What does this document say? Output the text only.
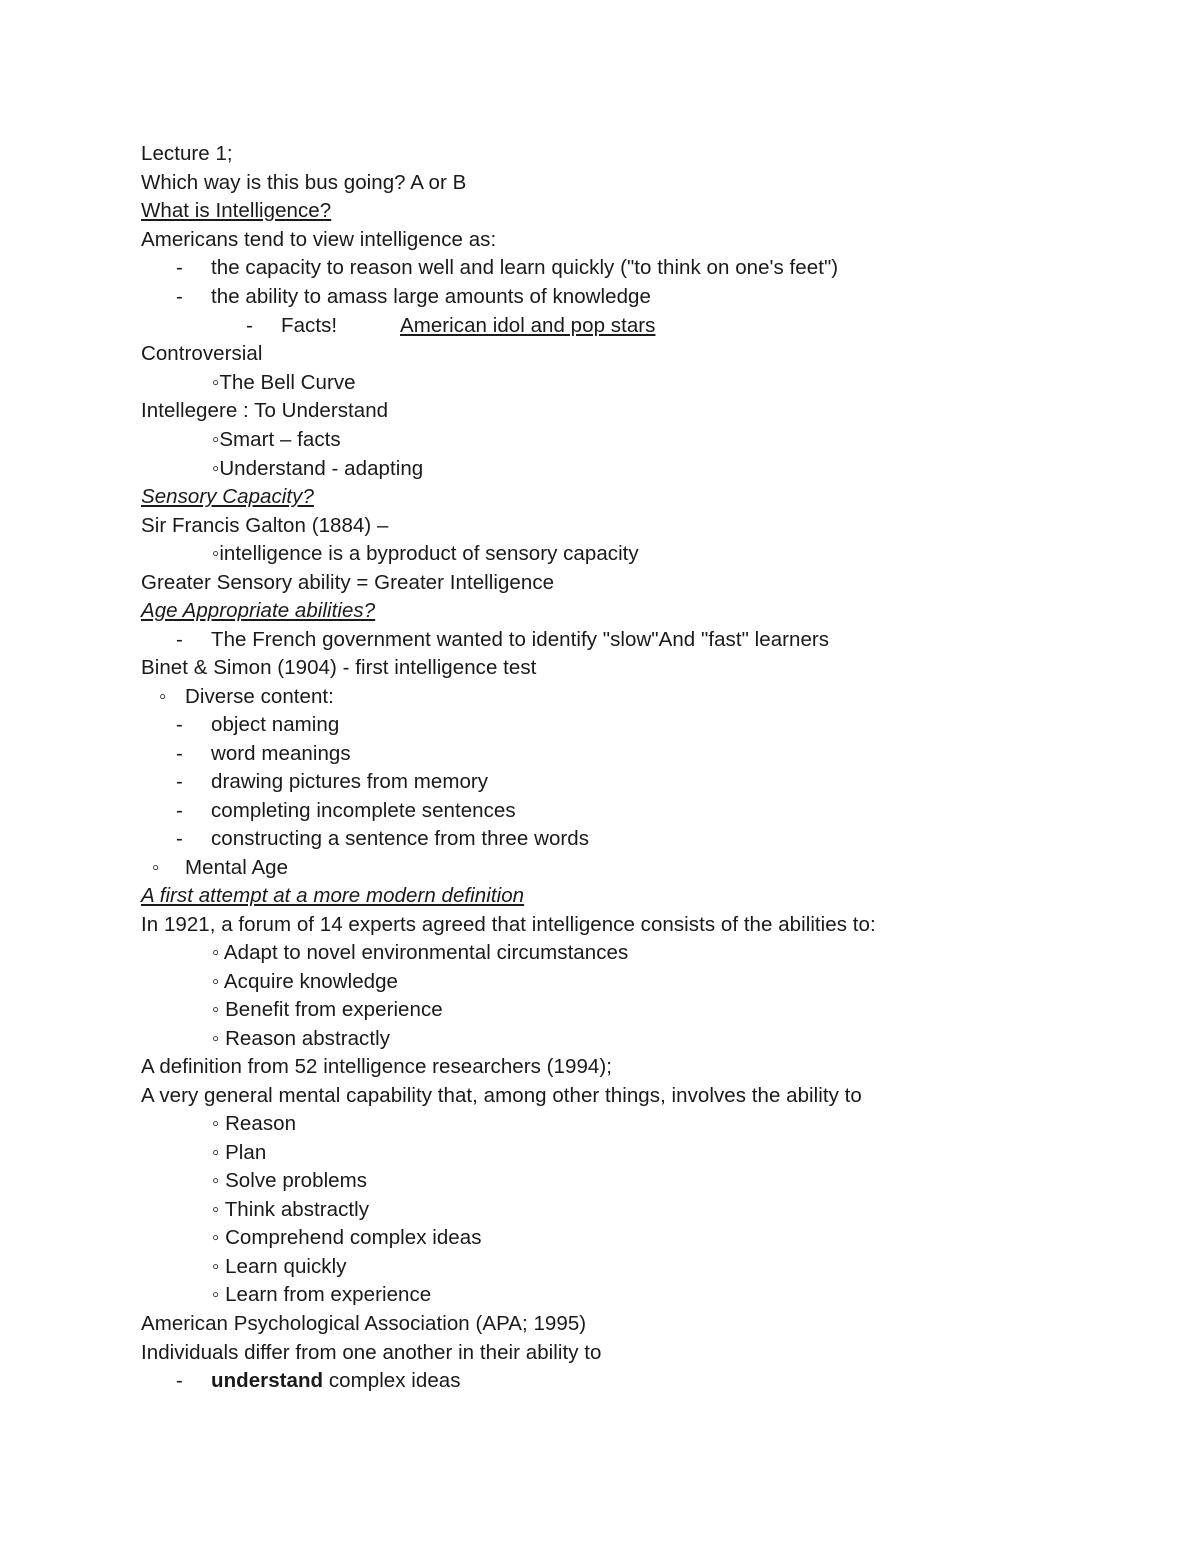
Lecture 1;
Which way is this bus going? A or B
What is Intelligence?
Americans tend to view intelligence as:
- the capacity to reason well and learn quickly ("to think on one's feet")
- the ability to amass large amounts of knowledge
- Facts!	American idol and pop stars
Controversial
◦The Bell Curve
Intellegere : To Understand
◦Smart – facts
◦Understand - adapting
Sensory Capacity?
Sir Francis Galton (1884) –
◦intelligence is a byproduct of sensory capacity
Greater Sensory ability = Greater Intelligence
Age Appropriate abilities?
- The French government wanted to identify "slow"And "fast" learners
Binet & Simon (1904) - first intelligence test
◦ Diverse content:
- object naming
- word meanings
- drawing pictures from memory
- completing incomplete sentences
- constructing a sentence from three words
◦ Mental Age
A first attempt at a more modern definition
In 1921, a forum of 14 experts agreed that intelligence consists of the abilities to:
◦ Adapt to novel environmental circumstances
◦ Acquire knowledge
◦ Benefit from experience
◦ Reason abstractly
A definition from 52 intelligence researchers (1994);
A very general mental capability that, among other things, involves the ability to
◦ Reason
◦ Plan
◦ Solve problems
◦ Think abstractly
◦ Comprehend complex ideas
◦ Learn quickly
◦ Learn from experience
American Psychological Association (APA; 1995)
Individuals differ from one another in their ability to
- understand complex ideas
